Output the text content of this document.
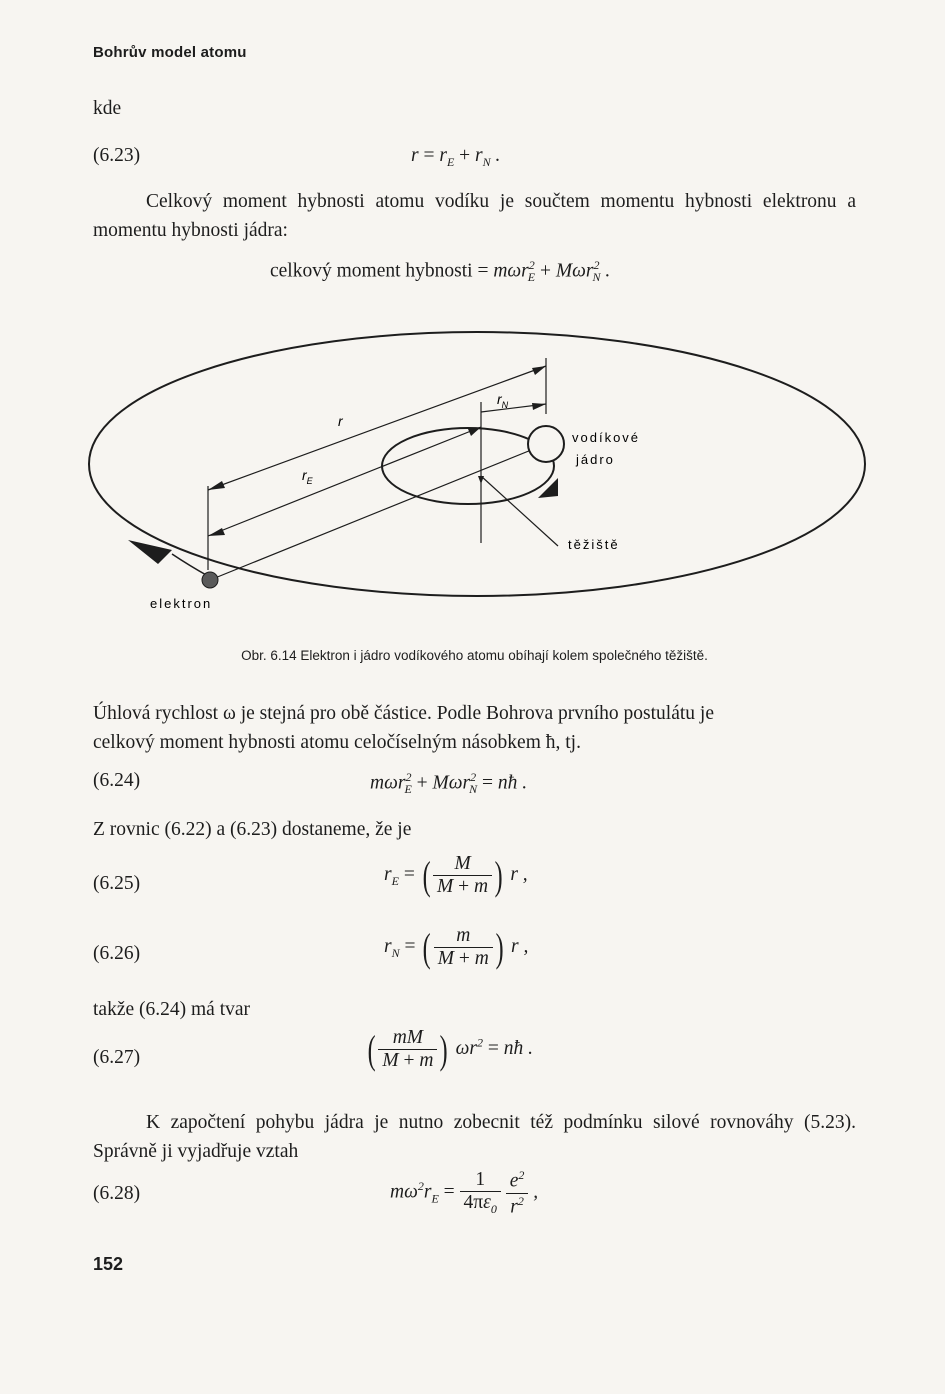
Bohrův model atomu
kde
(6.23)	$r = r_E + r_N$ .
Celkový moment hybnosti atomu vodíku je součtem momentu hybnosti elektronu a momentu hybnosti jádra:
celkový moment hybnosti = mωr$^2_E$ + Mωr$^2_N$ .
r
$r_N$
$r_E$
vodíkové
jádro
těžiště
elektron
Obr. 6.14 Elektron i jádro vodíkového atomu obíhají kolem společného těžiště.
Úhlová rychlost ω je stejná pro obě částice. Podle Bohrova prvního postulátu je
celkový moment hybnosti atomu celočíselným násobkem ħ, tj.
(6.24)	mωr$^2_E$ + Mωr$^2_N$ = nħ .
Z rovnic (6.22) a (6.23) dostaneme, že je
(6.25)	$r_E$ = ( $\frac{M}{M + m}$ ) r ,
(6.26)	$r_N$ = ( $\frac{m}{M + m}$ ) r ,
takže (6.24) má tvar
(6.27)	( $\frac{mM}{M + m}$ ) $\omega r^2$ = nħ .
K započtení pohybu jádra je nutno zobecnit též podmínku silové rovnováhy (5.23). Správně ji vyjadřuje vztah
(6.28)	$m\omega^2r_E = \frac{1}{4\pi\varepsilon_0}$
$\frac{e^2}{r^2}$ ,
152
